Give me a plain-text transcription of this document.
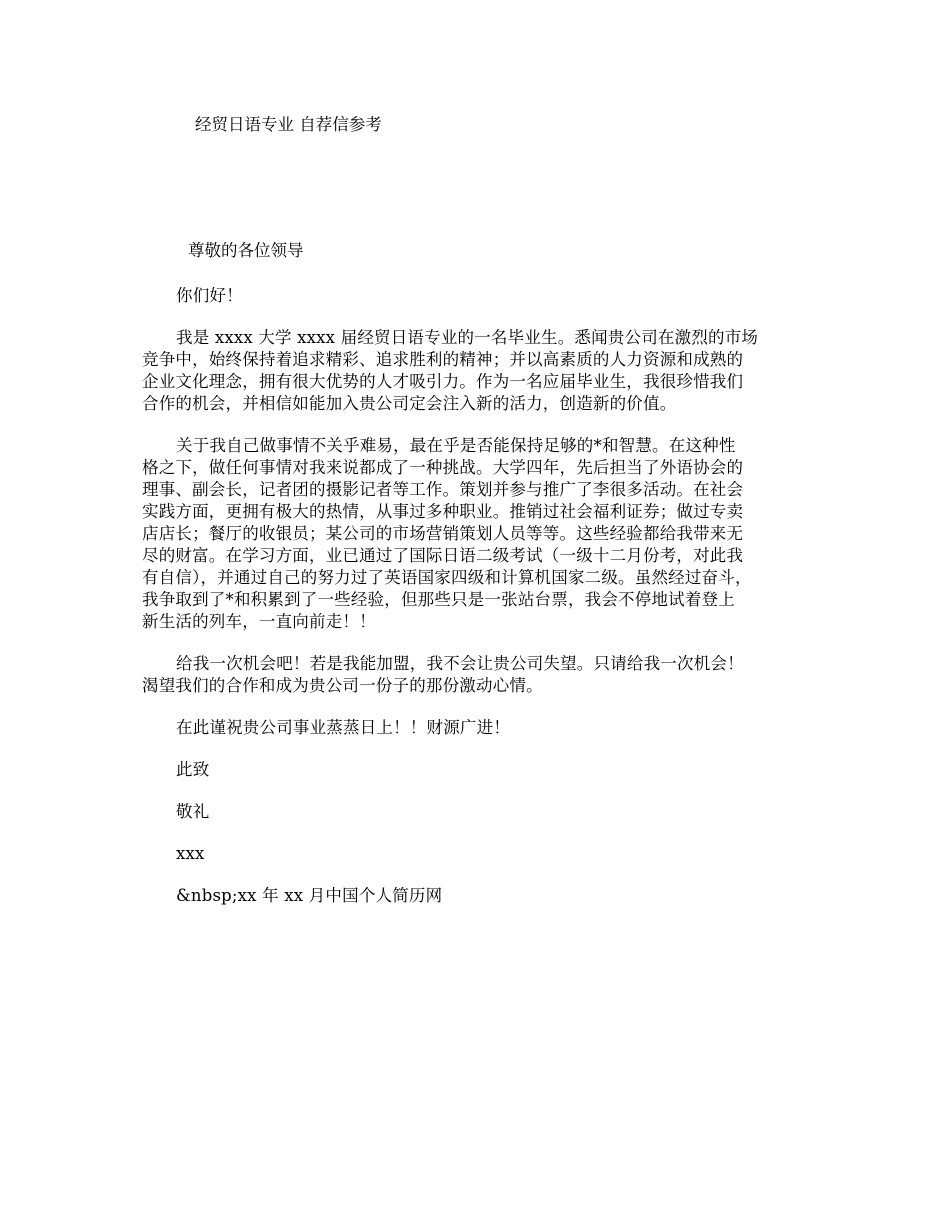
经贸日语专业 自荐信参考

尊敬的各位领导

你们好！

我是 xxxx 大学 xxxx 届经贸日语专业的一名毕业生。悉闻贵公司在激烈的市场

竞争中，始终保持着追求精彩、追求胜利的精神；并以高素质的人力资源和成熟的

企业文化理念，拥有很大优势的人才吸引力。作为一名应届毕业生，我很珍惜我们

合作的机会，并相信如能加入贵公司定会注入新的活力，创造新的价值。

关于我自己做事情不关乎难易，最在乎是否能保持足够的*和智慧。在这种性

格之下，做任何事情对我来说都成了一种挑战。大学四年，先后担当了外语协会的

理事、副会长，记者团的摄影记者等工作。策划并参与推广了李很多活动。在社会

实践方面，更拥有极大的热情，从事过多种职业。推销过社会福利证券；做过专卖

店店长；餐厅的收银员；某公司的市场营销策划人员等等。这些经验都给我带来无

尽的财富。在学习方面，业已通过了国际日语二级考试（一级十二月份考，对此我

有自信），并通过自己的努力过了英语国家四级和计算机国家二级。虽然经过奋斗，

我争取到了*和积累到了一些经验，但那些只是一张站台票，我会不停地试着登上

新生活的列车，一直向前走！！

给我一次机会吧！若是我能加盟，我不会让贵公司失望。只请给我一次机会！

渴望我们的合作和成为贵公司一份子的那份激动心情。

在此谨祝贵公司事业蒸蒸日上！！财源广进！

此致

敬礼

xxx

&nbsp;xx 年 xx 月中国个人简历网
